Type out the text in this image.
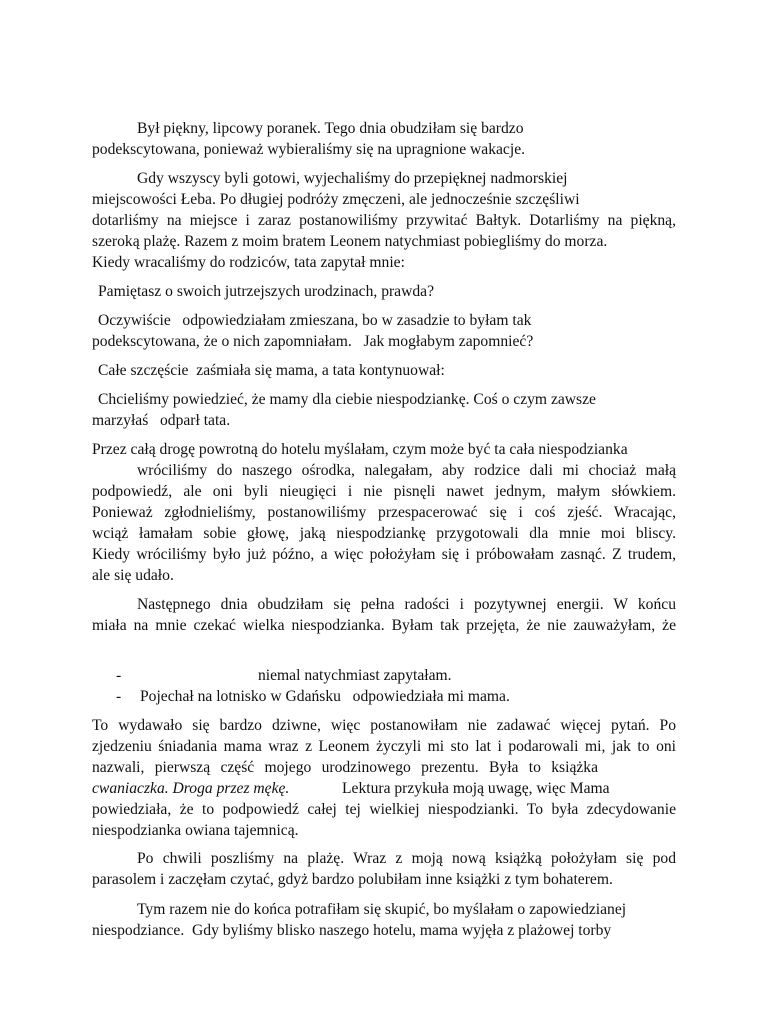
Był piękny, lipcowy poranek. Tego dnia obudziłam się bardzo
podekscytowana, ponieważ wybieraliśmy się na upragnione wakacje.
Gdy wszyscy byli gotowi, wyjechaliśmy do przepięknej nadmorskiej
miejscowości Łeba. Po długiej podróży zmęczeni, ale jednocześnie szczęśliwi
dotarliśmy na miejsce i zaraz postanowiliśmy przywitać Bałtyk. Dotarliśmy na piękną,
szeroką plażę. Razem z moim bratem Leonem natychmiast pobiegliśmy do morza.
Kiedy wracaliśmy do rodziców, tata zapytał mnie:
Pamiętasz o swoich jutrzejszych urodzinach, prawda?
Oczywiście   odpowiedziałam zmieszana, bo w zasadzie to byłam tak
podekscytowana, że o nich zapomniałam.   Jak mogłabym zapomnieć?
Całe szczęście  zaśmiała się mama, a tata kontynuował:
Chcieliśmy powiedzieć, że mamy dla ciebie niespodziankę. Coś o czym zawsze
marzyłaś   odparł tata.
Przez całą drogę powrotną do hotelu myślałam, czym może być ta cała niespodzianka
wróciliśmy do naszego ośrodka, nalegałam, aby rodzice dali mi chociaż małą
podpowiedź, ale oni byli nieugięci i nie pisnęli nawet jednym, małym słówkiem.
Ponieważ zgłodnieliśmy, postanowiliśmy przespacerować się i coś zjeść. Wracając,
wciąż łamałam sobie głowę, jaką niespodziankę przygotowali dla mnie moi bliscy.
Kiedy wróciliśmy było już późno, a więc położyłam się i próbowałam zasnąć. Z trudem,
ale się udało.
Następnego dnia obudziłam się pełna radości i pozytywnej energii. W końcu
miała na mnie czekać wielka niespodzianka. Byłam tak przejęta, że nie zauważyłam, że
-	niemal natychmiast zapytałam.
- Pojechał na lotnisko w Gdańsku   odpowiedziała mi mama.
To wydawało się bardzo dziwne, więc postanowiłam nie zadawać więcej pytań. Po
zjedzeniu śniadania mama wraz z Leonem życzyli mi sto lat i podarowali mi, jak to oni
nazwali, pierwszą część mojego urodzinowego prezentu. Była to książka
cwaniaczka. Droga przez mękę.	Lektura przykuła moją uwagę, więc Mama
powiedziała, że to podpowiedź całej tej wielkiej niespodzianki. To była zdecydowanie
niespodzianka owiana tajemnicą.
Po chwili poszliśmy na plażę. Wraz z moją nową książką położyłam się pod
parasolem i zaczęłam czytać, gdyż bardzo polubiłam inne książki z tym bohaterem.
Tym razem nie do końca potrafiłam się skupić, bo myślałam o zapowiedzianej
niespodziance.  Gdy byliśmy blisko naszego hotelu, mama wyjęła z plażowej torby
